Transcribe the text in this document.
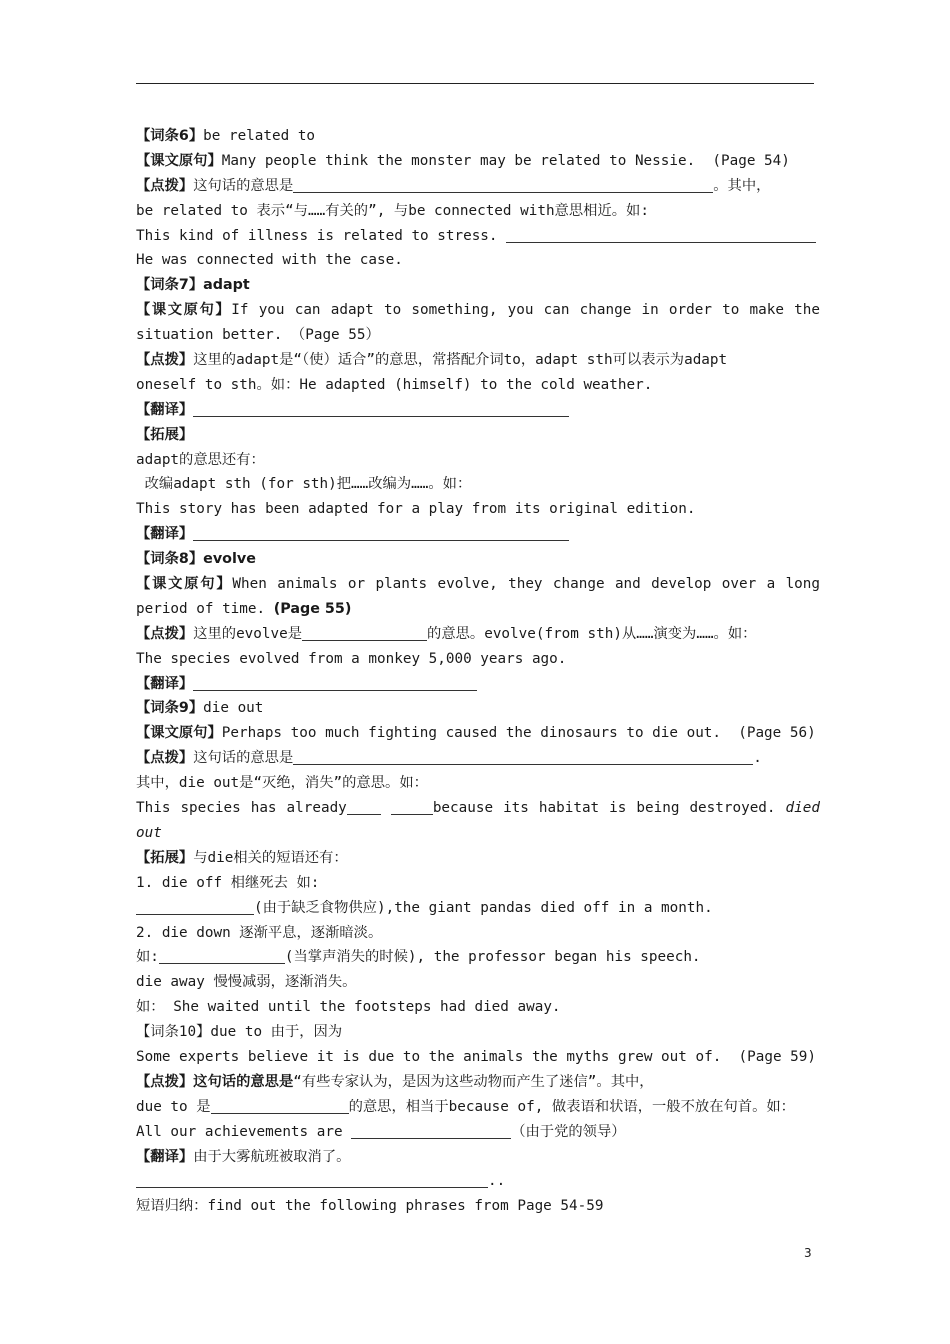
【词条6】be related to
【课文原句】Many people think the monster may be related to Nessie.  (Page 54)
【点拨】这句话的意思是	。其中，
be related to 表示“与……有关的”, 与be connected with意思相近。如:
This kind of illness is related to stress.
He was connected with the case.
【词条7】adapt
【课文原句】If you can adapt to something, you can change in order to make the
situation better. （Page 55）
【点拨】这里的adapt是“（使）适合”的意思，常搭配介词to，adapt sth可以表示为adapt
oneself to sth。如：He adapted (himself) to the cold weather.
【翻译】
【拓展】
adapt的意思还有：
改编adapt sth (for sth)把……改编为……。如：
This story has been adapted for a play from its original edition.
【翻译】
【词条8】evolve
【课文原句】When animals or plants evolve, they change and develop over a long
period of time. (Page 55)
【点拨】这里的evolve是	的意思。evolve(from sth)从……演变为……。如：
The species evolved from a monkey 5,000 years ago.
【翻译】
【词条9】die out
【课文原句】Perhaps too much fighting caused the dinosaurs to die out.  (Page 56)
【点拨】这句话的意思是	.
其中，die out是“灭绝，消失”的意思。如：
This species has already	because its habitat is being destroyed. died
out
【拓展】与die相关的短语还有：
1. die off 相继死去 如:
(由于缺乏食物供应),the giant pandas died off in a month.
2. die down 逐渐平息，逐渐暗淡。
如:	(当掌声消失的时候), the professor began his speech.
die away 慢慢减弱，逐渐消失。
如： She waited until the footsteps had died away.
【词条10】due to 由于，因为
Some experts believe it is due to the animals the myths grew out of.  (Page 59)
【点拨】这句话的意思是“有些专家认为，是因为这些动物而产生了迷信”。其中，
due to 是	的意思，相当于because of, 做表语和状语，一般不放在句首。如：
All our achievements are	（由于党的领导）
【翻译】由于大雾航班被取消了。
..
短语归纳：find out the following phrases from Page 54-59
3
